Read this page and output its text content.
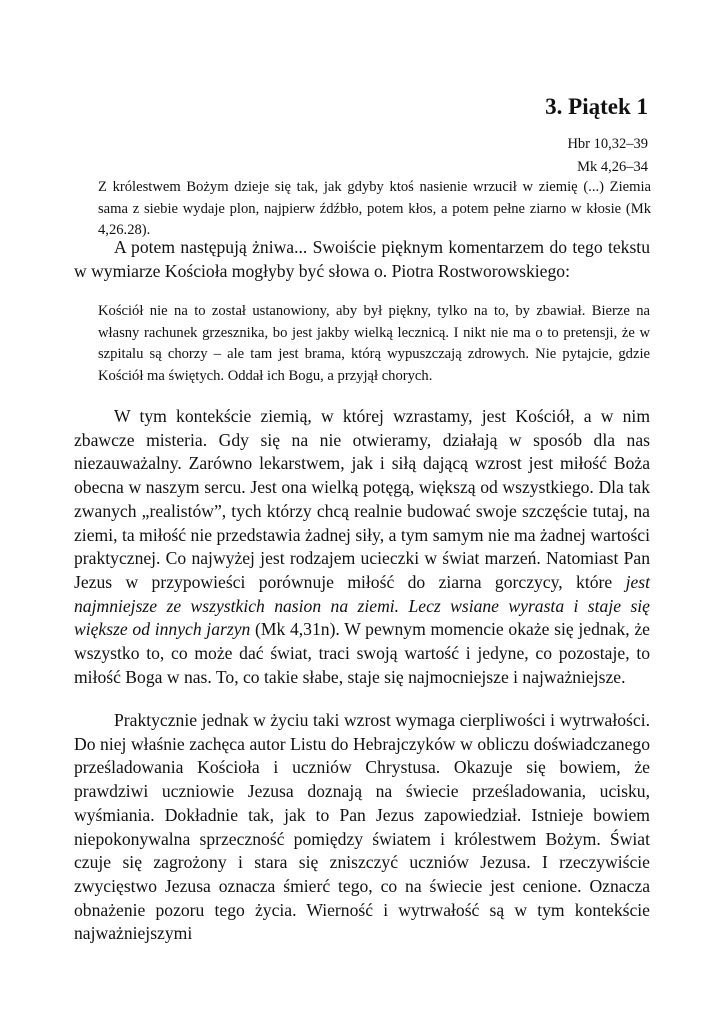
3. Piątek 1
Hbr 10,32–39
Mk 4,26–34

Z królestwem Bożym dzieje się tak, jak gdyby ktoś nasienie wrzucił w ziemię (...) Ziemia sama z siebie wydaje plon, najpierw źdźbło, potem kłos, a potem pełne ziarno w kłosie (Mk 4,26.28).

A potem następują żniwa... Swoiście pięknym komentarzem do tego tekstu w wymiarze Kościoła mogłyby być słowa o. Piotra Rostworowskiego:

Kościół nie na to został ustanowiony, aby był piękny, tylko na to, by zbawiał. Bierze na własny rachunek grzesznika, bo jest jakby wielką lecznicą. I nikt nie ma o to pretensji, że w szpitalu są chorzy – ale tam jest brama, którą wypuszczają zdrowych. Nie pytajcie, gdzie Kościół ma świętych. Oddał ich Bogu, a przyjął chorych.

W tym kontekście ziemią, w której wzrastamy, jest Kościół, a w nim zbawcze misteria. Gdy się na nie otwieramy, działają w sposób dla nas niezauważalny. Zarówno lekarstwem, jak i siłą dającą wzrost jest miłość Boża obecna w naszym sercu. Jest ona wielką potęgą, większą od wszystkiego. Dla tak zwanych „realistów”, tych którzy chcą realnie budować swoje szczęście tutaj, na ziemi, ta miłość nie przedstawia żadnej siły, a tym samym nie ma żadnej wartości praktycznej. Co najwyżej jest rodzajem ucieczki w świat marzeń. Natomiast Pan Jezus w przypowieści porównuje miłość do ziarna gorczycy, które jest najmniejsze ze wszystkich nasion na ziemi. Lecz wsiane wyrasta i staje się większe od innych jarzyn (Mk 4,31n). W pewnym momencie okaże się jednak, że wszystko to, co może dać świat, traci swoją wartość i jedyne, co pozostaje, to miłość Boga w nas. To, co takie słabe, staje się najmocniejsze i najważniejsze.

Praktycznie jednak w życiu taki wzrost wymaga cierpliwości i wytrwałości. Do niej właśnie zachęca autor Listu do Hebrajczyków w obliczu doświadczanego prześladowania Kościoła i uczniów Chrystusa. Okazuje się bowiem, że prawdziwi uczniowie Jezusa doznają na świecie prześladowania, ucisku, wyśmiania. Dokładnie tak, jak to Pan Jezus zapowiedział. Istnieje bowiem niepokonywalna sprzeczność pomiędzy światem i królestwem Bożym. Świat czuje się zagrożony i stara się zniszczyć uczniów Jezusa. I rzeczywiście zwycięstwo Jezusa oznacza śmierć tego, co na świecie jest cenione. Oznacza obnażenie pozoru tego życia. Wierność i wytrwałość są w tym kontekście najważniejszymi
